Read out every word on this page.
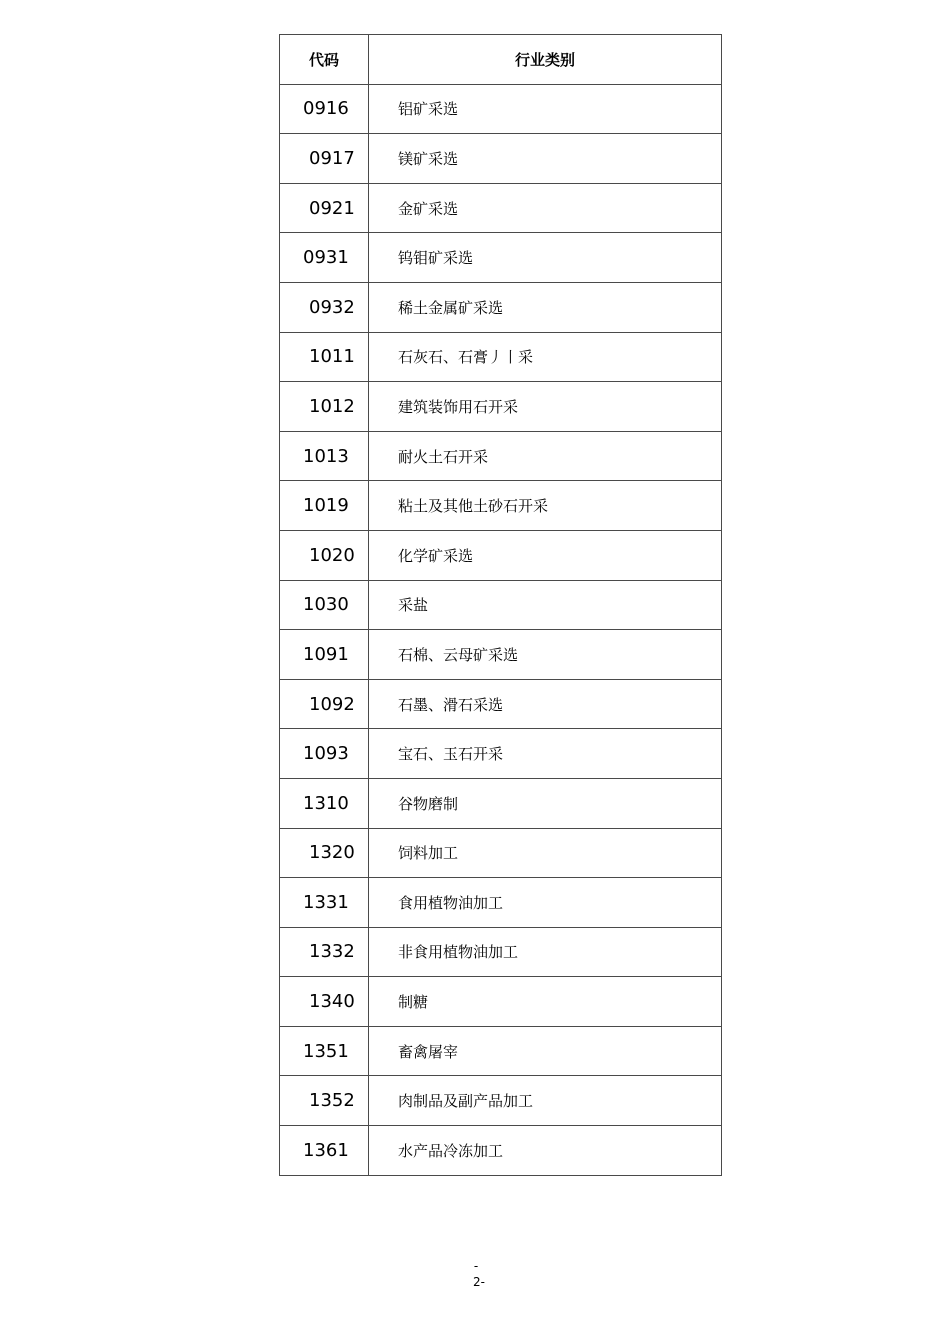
代码	行业类别
0916	铝矿采选
0917	镁矿采选
0921	金矿采选
0931	钨钼矿采选
0932	稀土金属矿采选
1011	石灰石、石膏丿丨采
1012	建筑装饰用石开采
1013	耐火土石开采
1019	粘土及其他土砂石开采
1020	化学矿采选
1030	采盐
1091	石棉、云母矿采选
1092	石墨、滑石采选
1093	宝石、玉石开采
1310	谷物磨制
1320	饲料加工
1331	食用植物油加工
1332	非食用植物油加工
1340	制糖
1351	畜禽屠宰
1352	肉制品及副产品加工
1361	水产品冷冻加工
-
2-
